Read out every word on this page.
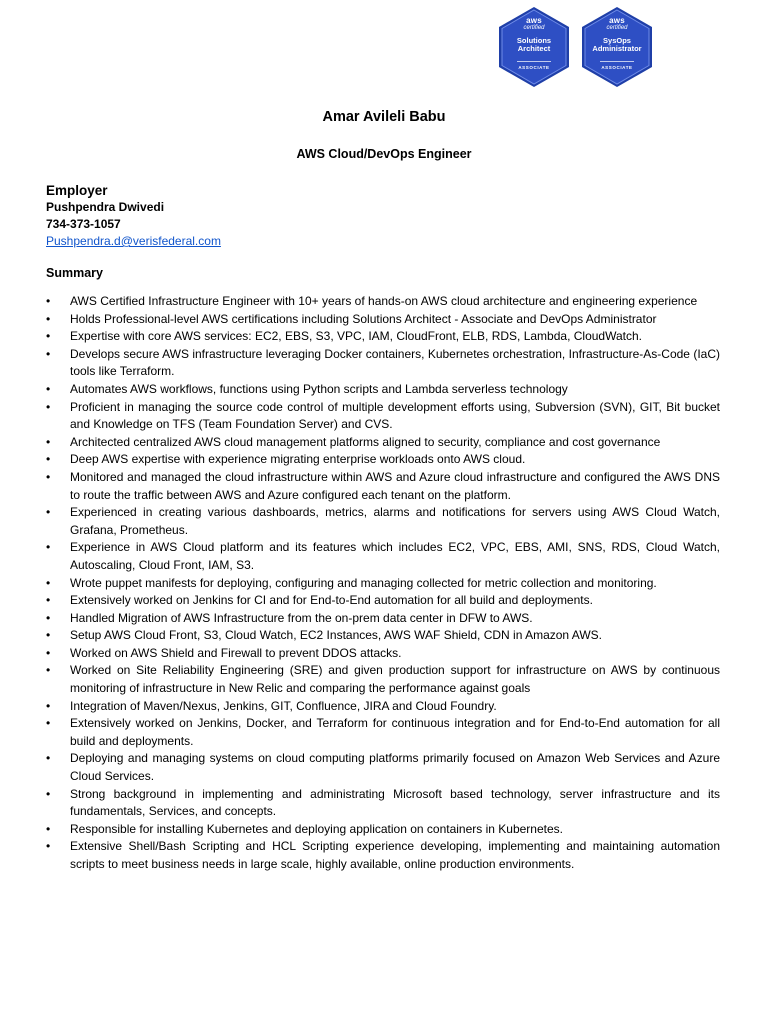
aws
certified
Solutions
Architect
ASSOCIATE
aws
certified
SysOps
Administrator
ASSOCIATE
Amar Avileli Babu
AWS Cloud/DevOps Engineer
Employer
Pushpendra Dwivedi
734-373-1057
Pushpendra.d@verisfederal.com
Summary
• AWS Certified Infrastructure Engineer with 10+ years of hands-on AWS cloud architecture and engineering experience
• Holds Professional-level AWS certifications including Solutions Architect - Associate and DevOps Administrator
• Expertise with core AWS services: EC2, EBS, S3, VPC, IAM, CloudFront, ELB, RDS, Lambda, CloudWatch.
• Develops secure AWS infrastructure leveraging Docker containers, Kubernetes orchestration, Infrastructure-As-Code (IaC) tools like Terraform.
• Automates AWS workflows, functions using Python scripts and Lambda serverless technology
• Proficient in managing the source code control of multiple development efforts using, Subversion (SVN), GIT, Bit bucket and Knowledge on TFS (Team Foundation Server) and CVS.
• Architected centralized AWS cloud management platforms aligned to security, compliance and cost governance
• Deep AWS expertise with experience migrating enterprise workloads onto AWS cloud.
• Monitored and managed the cloud infrastructure within AWS and Azure cloud infrastructure and configured the AWS DNS to route the traffic between AWS and Azure configured each tenant on the platform.
• Experienced in creating various dashboards, metrics, alarms and notifications for servers using AWS Cloud Watch, Grafana, Prometheus.
• Experience in AWS Cloud platform and its features which includes EC2, VPC, EBS, AMI, SNS, RDS, Cloud Watch, Autoscaling, Cloud Front, IAM, S3.
• Wrote puppet manifests for deploying, configuring and managing collected for metric collection and monitoring.
• Extensively worked on Jenkins for CI and for End-to-End automation for all build and deployments.
• Handled Migration of AWS Infrastructure from the on-prem data center in DFW to AWS.
• Setup AWS Cloud Front, S3, Cloud Watch, EC2 Instances, AWS WAF Shield, CDN in Amazon AWS.
• Worked on AWS Shield and Firewall to prevent DDOS attacks.
• Worked on Site Reliability Engineering (SRE) and given production support for infrastructure on AWS by continuous monitoring of infrastructure in New Relic and comparing the performance against goals
• Integration of Maven/Nexus, Jenkins, GIT, Confluence, JIRA and Cloud Foundry.
• Extensively worked on Jenkins, Docker, and Terraform for continuous integration and for End-to-End automation for all build and deployments.
• Deploying and managing systems on cloud computing platforms primarily focused on Amazon Web Services and Azure Cloud Services.
• Strong background in implementing and administrating Microsoft based technology, server infrastructure and its fundamentals, Services, and concepts.
• Responsible for installing Kubernetes and deploying application on containers in Kubernetes.
• Extensive Shell/Bash Scripting and HCL Scripting experience developing, implementing and maintaining automation scripts to meet business needs in large scale, highly available, online production environments.
